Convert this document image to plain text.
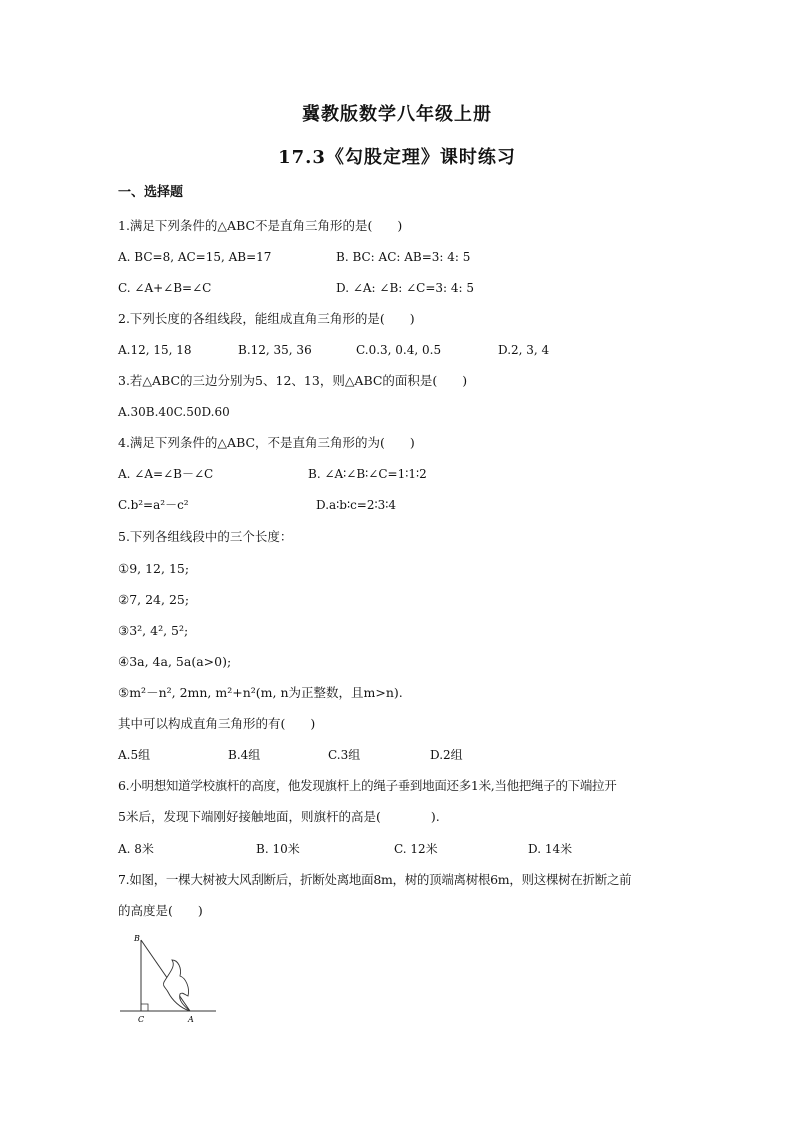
冀教版数学八年级上册
17.3《勾股定理》课时练习
一、选择题
1.满足下列条件的△ABC不是直角三角形的是(　　)

A. BC=8, AC=15, AB=17

	B. BC: AC: AB=3: 4: 5

C. ∠A+∠B=∠C

	D. ∠A: ∠B: ∠C=3: 4: 5

2.下列长度的各组线段，能组成直角三角形的是(　　)

A.12, 15, 18

	B.12, 35, 36

	C.0.3, 0.4, 0.5

	D.2, 3, 4

3.若△ABC的三边分别为5、12、13，则△ABC的面积是(　　)
A.30B.40C.50D.60
4.满足下列条件的△ABC，不是直角三角形的为(　　)

A. ∠A=∠B－∠C

	B. ∠A∶∠B∶∠C=1∶1∶2

C.b²=a²－c²

	D.a∶b∶c=2∶3∶4

5.下列各组线段中的三个长度：
①9, 12, 15;
②7, 24, 25;
③3², 4², 5²;
④3a, 4a, 5a(a>0);
⑤m²－n², 2mn, m²+n²(m, n为正整数，且m>n).
其中可以构成直角三角形的有(　　)

A.5组

	B.4组

	C.3组

	D.2组

6.小明想知道学校旗杆的高度，他发现旗杆上的绳子垂到地面还多1米,当他把绳子的下端拉开
5米后，发现下端刚好接触地面，则旗杆的高是(　　　　).

A. 8米

	B. 10米

	C. 12米

	D. 14米

7.如图，一棵大树被大风刮断后，折断处离地面8m，树的顶端离树根6m，则这棵树在折断之前
的高度是(　　)
B
C	A
